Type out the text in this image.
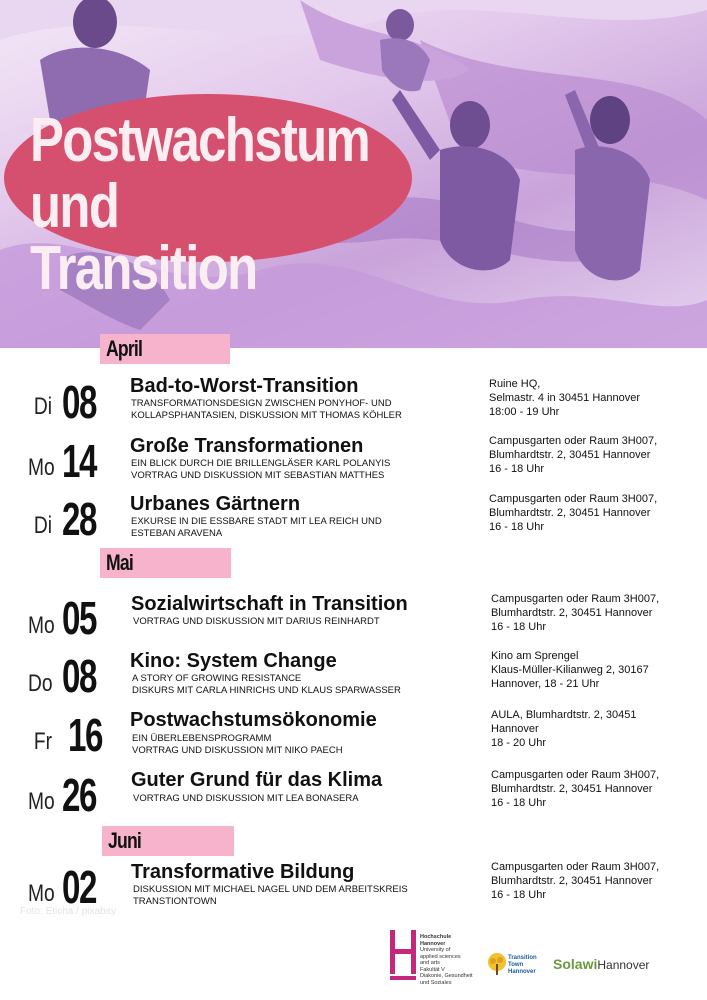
Postwachstum
und Transition
April
Di 08 Bad-to-Worst-Transition
TRANSFORMATIONSDESIGN ZWISCHEN PONYHOF- UND
KOLLAPSPHANTASIEN, DISKUSSION MIT THOMAS KÖHLER
Ruine HQ,
Selmastr. 4 in 30451 Hannover
18:00 - 19 Uhr
Mo 14 Große Transformationen
EIN BLICK DURCH DIE BRILLENGLÄSER KARL POLANYIS
VORTRAG UND DISKUSSION MIT SEBASTIAN MATTHES
Campusgarten oder Raum 3H007,
Blumhardtstr. 2, 30451 Hannover
16 - 18 Uhr
Di 28 Urbanes Gärtnern
EXKURSE IN DIE ESSBARE STADT MIT LEA REICH UND
ESTEBAN ARAVENA
Campusgarten oder Raum 3H007,
Blumhardtstr. 2, 30451 Hannover
16 - 18 Uhr
Mai
Mo 05 Sozialwirtschaft in Transition
VORTRAG UND DISKUSSION MIT DARIUS REINHARDT
Campusgarten oder Raum 3H007,
Blumhardtstr. 2, 30451 Hannover
16 - 18 Uhr
Do 08 Kino: System Change
A STORY OF GROWING RESISTANCE
DISKURS MIT CARLA HINRICHS UND KLAUS SPARWASSER
Kino am Sprengel
Klaus-Müller-Kilianweg 2, 30167
Hannover, 18 - 21 Uhr
Fr 16 Postwachstumsökonomie
EIN ÜBERLEBENSPROGRAMM
VORTRAG UND DISKUSSION MIT NIKO PAECH
AULA, Blumhardtstr. 2, 30451
Hannover
18 - 20 Uhr
Mo 26 Guter Grund für das Klima
VORTRAG UND DISKUSSION MIT LEA BONASERA
Campusgarten oder Raum 3H007,
Blumhardtstr. 2, 30451 Hannover
16 - 18 Uhr
Juni
Mo 02 Transformative Bildung
DISKUSSION MIT MICHAEL NAGEL UND DEM ARBEITSKREIS
TRANSTIONTOWN
Campusgarten oder Raum 3H007,
Blumhardtstr. 2, 30451 Hannover
16 - 18 Uhr
Foto: Eticha / pixabay
Hochschule
Hannover
University of
applied sciences
and arts
Fakultät V
Diakonie, Gesundheit
und Soziales
Transition Town
Hannover	SolawiHannover
